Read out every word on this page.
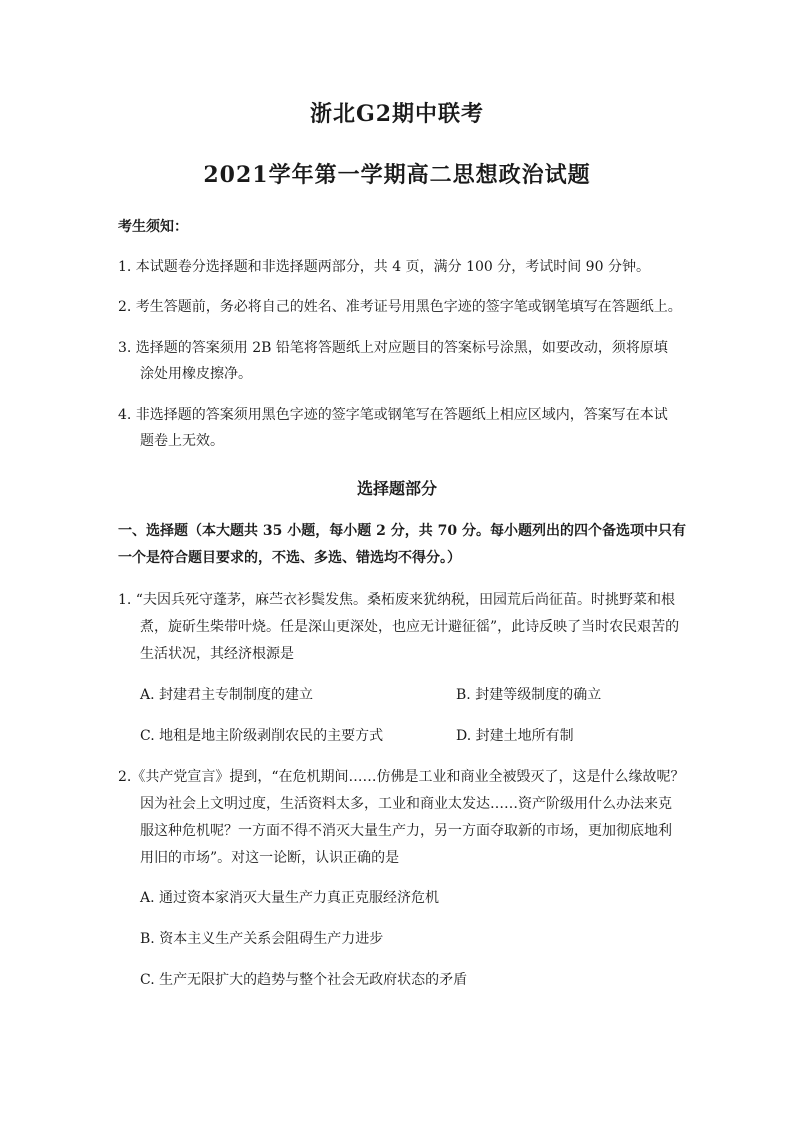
浙北G2期中联考
2021学年第一学期高二思想政治试题
考生须知：
1. 本试题卷分选择题和非选择题两部分，共 4 页，满分 100 分，考试时间 90 分钟。
2. 考生答题前，务必将自己的姓名、准考证号用黑色字迹的签字笔或钢笔填写在答题纸上。
3. 选择题的答案须用 2B 铅笔将答题纸上对应题目的答案标号涂黑，如要改动，须将原填
涂处用橡皮擦净。
4. 非选择题的答案须用黑色字迹的签字笔或钢笔写在答题纸上相应区域内，答案写在本试
题卷上无效。
选择题部分
一、选择题（本大题共 35 小题，每小题 2 分，共 70 分。每小题列出的四个备选项中只有
一个是符合题目要求的，不选、多选、错选均不得分。）
1. “夫因兵死守蓬茅，麻苎衣衫鬓发焦。桑柘废来犹纳税，田园荒后尚征苗。时挑野菜和根
煮，旋斫生柴带叶烧。任是深山更深处，也应无计避征徭”，此诗反映了当时农民艰苦的
生活状况，其经济根源是
A. 封建君主专制制度的建立	B. 封建等级制度的确立
C. 地租是地主阶级剥削农民的主要方式	D. 封建土地所有制
2.《共产党宣言》提到，“在危机期间……仿佛是工业和商业全被毁灭了，这是什么缘故呢？
因为社会上文明过度，生活资料太多，工业和商业太发达……资产阶级用什么办法来克
服这种危机呢？一方面不得不消灭大量生产力，另一方面夺取新的市场，更加彻底地利
用旧的市场”。对这一论断，认识正确的是
A. 通过资本家消灭大量生产力真正克服经济危机
B. 资本主义生产关系会阻碍生产力进步
C. 生产无限扩大的趋势与整个社会无政府状态的矛盾
